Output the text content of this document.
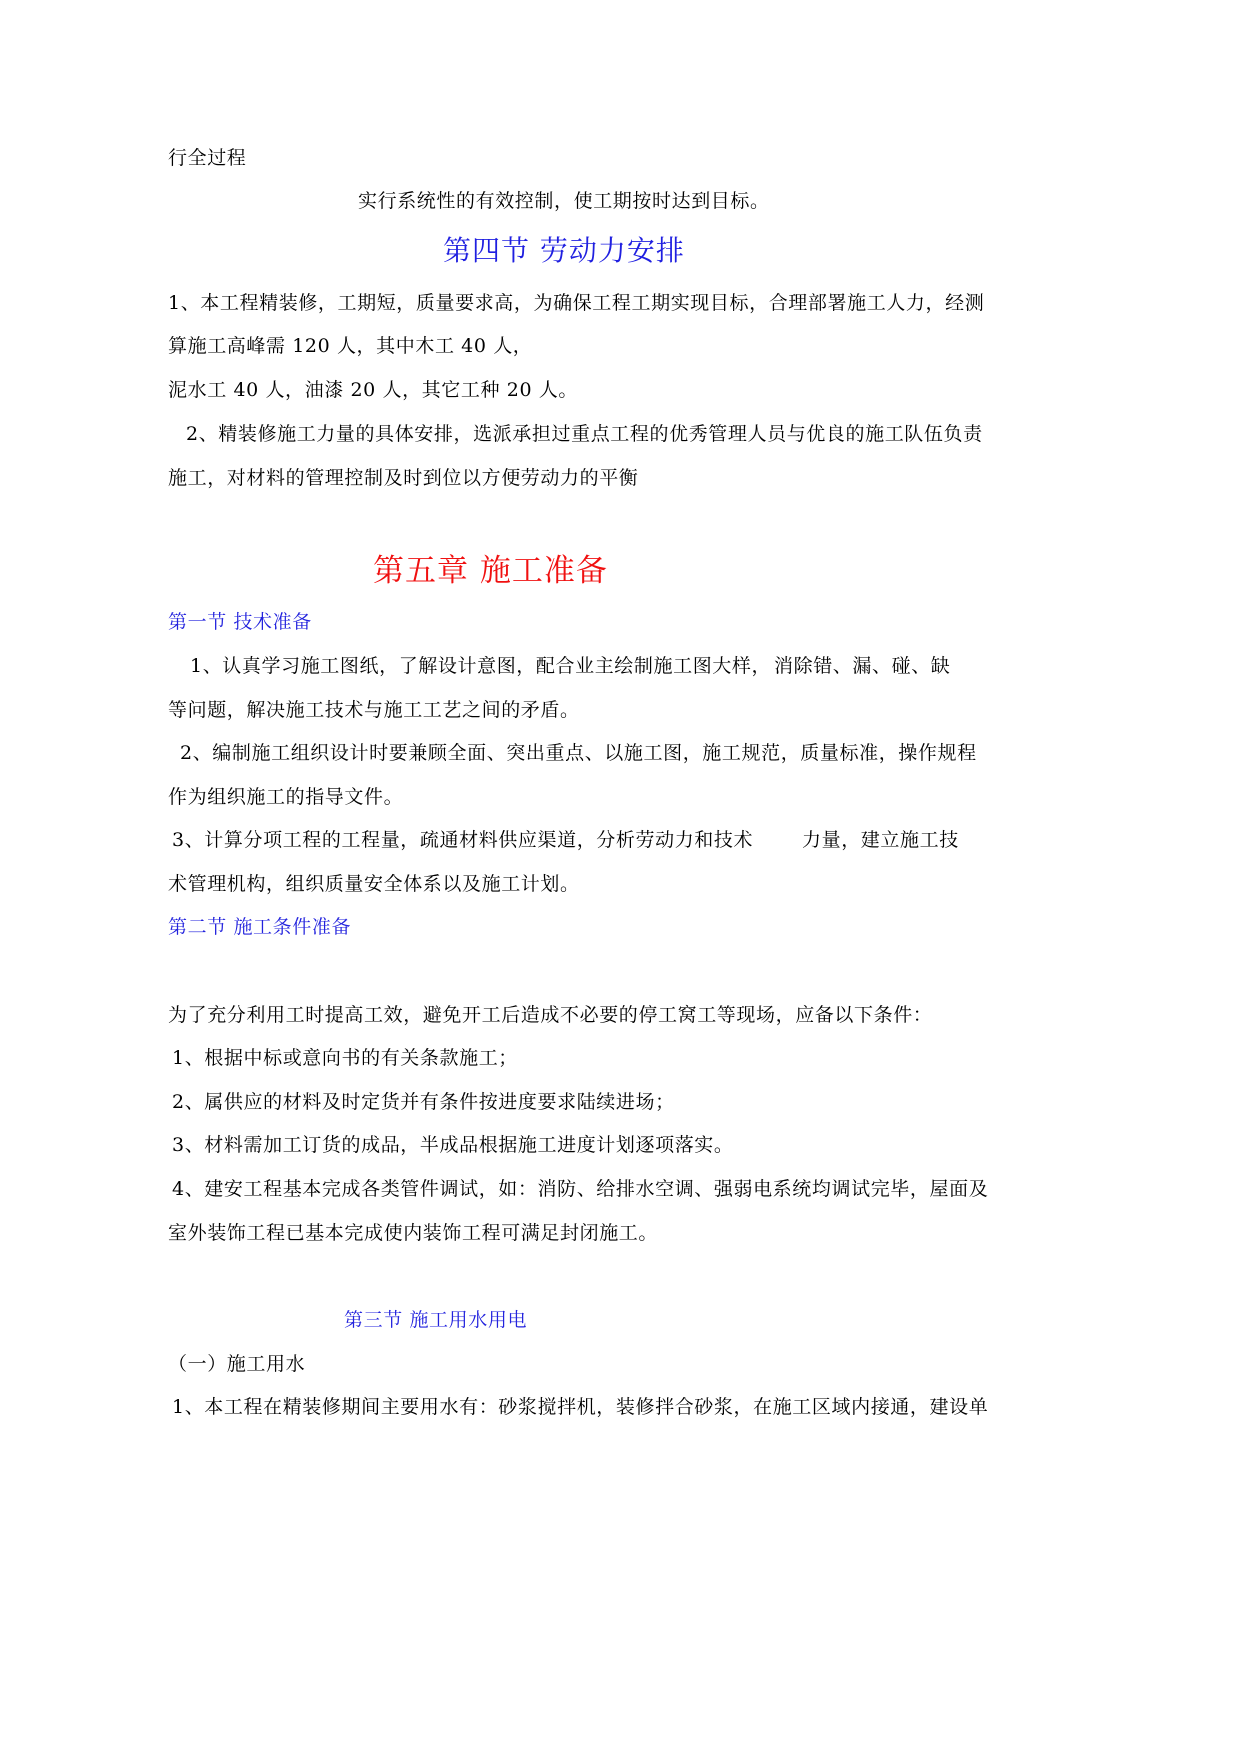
行全过程
实行系统性的有效控制，使工期按时达到目标。
第四节 劳动力安排
1、本工程精装修，工期短，质量要求高，为确保工程工期实现目标，合理部署施工人力，经测
算施工高峰需 120 人，其中木工 40 人，
泥水工 40 人，油漆 20 人，其它工种 20 人。
2、精装修施工力量的具体安排，选派承担过重点工程的优秀管理人员与优良的施工队伍负责
施工，对材料的管理控制及时到位以方便劳动力的平衡
第五章 施工准备
第一节 技术准备
1、认真学习施工图纸，了解设计意图，配合业主绘制施工图大样， 消除错、漏、碰、缺
等问题，解决施工技术与施工工艺之间的矛盾。
2、编制施工组织设计时要兼顾全面、突出重点、以施工图，施工规范，质量标准，操作规程
作为组织施工的指导文件。
3、计算分项工程的工程量，疏通材料供应渠道，分析劳动力和技术	力量，建立施工技
术管理机构，组织质量安全体系以及施工计划。
第二节 施工条件准备
为了充分利用工时提高工效，避免开工后造成不必要的停工窝工等现场，应备以下条件：
1、根据中标或意向书的有关条款施工；
2、属供应的材料及时定货并有条件按进度要求陆续进场；
3、材料需加工订货的成品，半成品根据施工进度计划逐项落实。
4、建安工程基本完成各类管件调试，如：消防、给排水空调、强弱电系统均调试完毕，屋面及
室外装饰工程已基本完成使内装饰工程可满足封闭施工。
第三节 施工用水用电
（一）施工用水
1、本工程在精装修期间主要用水有：砂浆搅拌机，装修拌合砂浆，在施工区域内接通，建设单
